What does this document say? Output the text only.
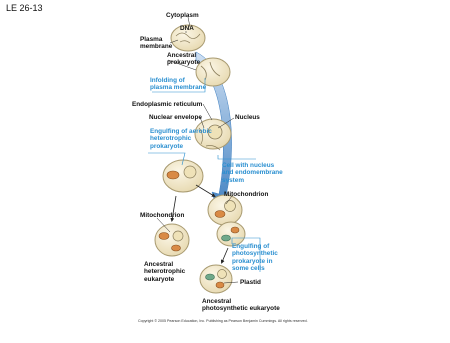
LE 26-13
Cytoplasm
DNA
Plasma
membrane
Ancestral
prokaryote
Infolding of
plasma membrane
Endoplasmic reticulum
Nuclear envelope	Nucleus
Engulfing of aerobic
heterotrophic
prokaryote
Cell with nucleus
and endomembrane
system
Mitochondrion
Mitochondrion
Engulfing of
photosynthetic
prokaryote in
some cells
Ancestral
heterotrophic
eukaryote	Plastid
Ancestral
photosynthetic eukaryote
Copyright © 2005 Pearson Education, Inc. Publishing as Pearson Benjamin Cummings. All rights reserved.
